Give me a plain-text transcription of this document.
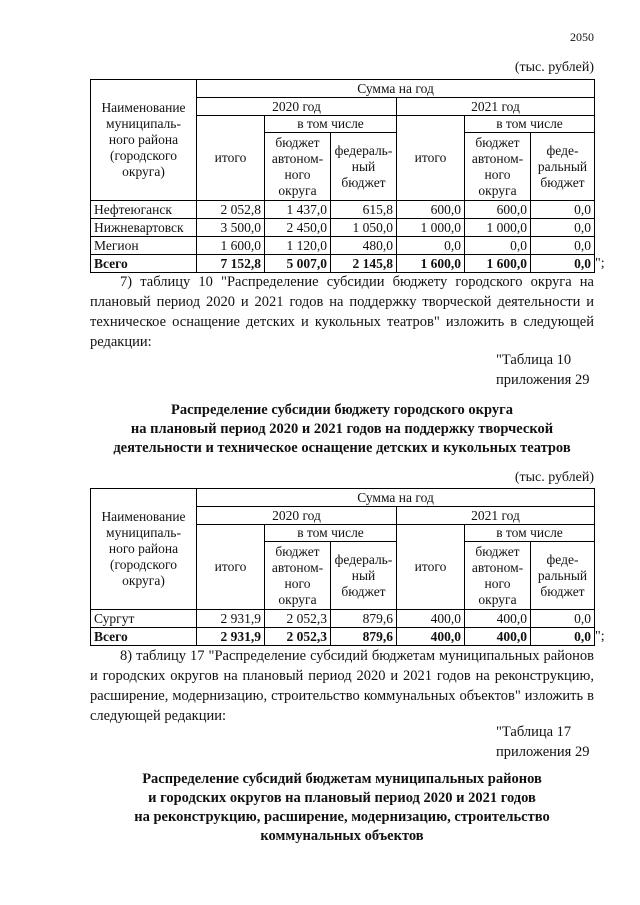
2050
(тыс. рублей)
Наименование муниципаль-ного района (городского округа)	Сумма на год					
	2020 год			2021 год		
	итого	в том числе		итого	в том числе	
		бюджет автоном-ного округа	федераль-ный бюджет		бюджет автоном-ного округа	феде-ральный бюджет
Нефтеюганск	2 052,8	1 437,0	615,8	600,0	600,0	0,0
Нижневартовск	3 500,0	2 450,0	1 050,0	1 000,0	1 000,0	0,0
Мегион	1 600,0	1 120,0	480,0	0,0	0,0	0,0
Всего	7 152,8	5 007,0	2 145,8	1 600,0	1 600,0	0,0 ";
7) таблицу 10 "Распределение субсидии бюджету городского округа на плановый период 2020 и 2021 годов на поддержку творческой деятельности и техническое оснащение детских и кукольных театров" изложить в следующей редакции:
"Таблица 10
приложения 29
Распределение субсидии бюджету городского округа
на плановый период 2020 и 2021 годов на поддержку творческой
деятельности и техническое оснащение детских и кукольных театров
(тыс. рублей)
Наименование муниципаль-ного района (городского округа)	Сумма на год					
	2020 год			2021 год		
	итого	в том числе		итого	в том числе	
		бюджет автоном-ного округа	федераль-ный бюджет		бюджет автоном-ного округа	феде-ральный бюджет
Сургут	2 931,9	2 052,3	879,6	400,0	400,0	0,0
Всего	2 931,9	2 052,3	879,6	400,0	400,0	0,0 ";
8) таблицу 17 "Распределение субсидий бюджетам муниципальных районов и городских округов на плановый период 2020 и 2021 годов на реконструкцию, расширение, модернизацию, строительство коммунальных объектов" изложить в следующей редакции:
"Таблица 17
приложения 29
Распределение субсидий бюджетам муниципальных районов
и городских округов на плановый период 2020 и 2021 годов
на реконструкцию, расширение, модернизацию, строительство
коммунальных объектов
